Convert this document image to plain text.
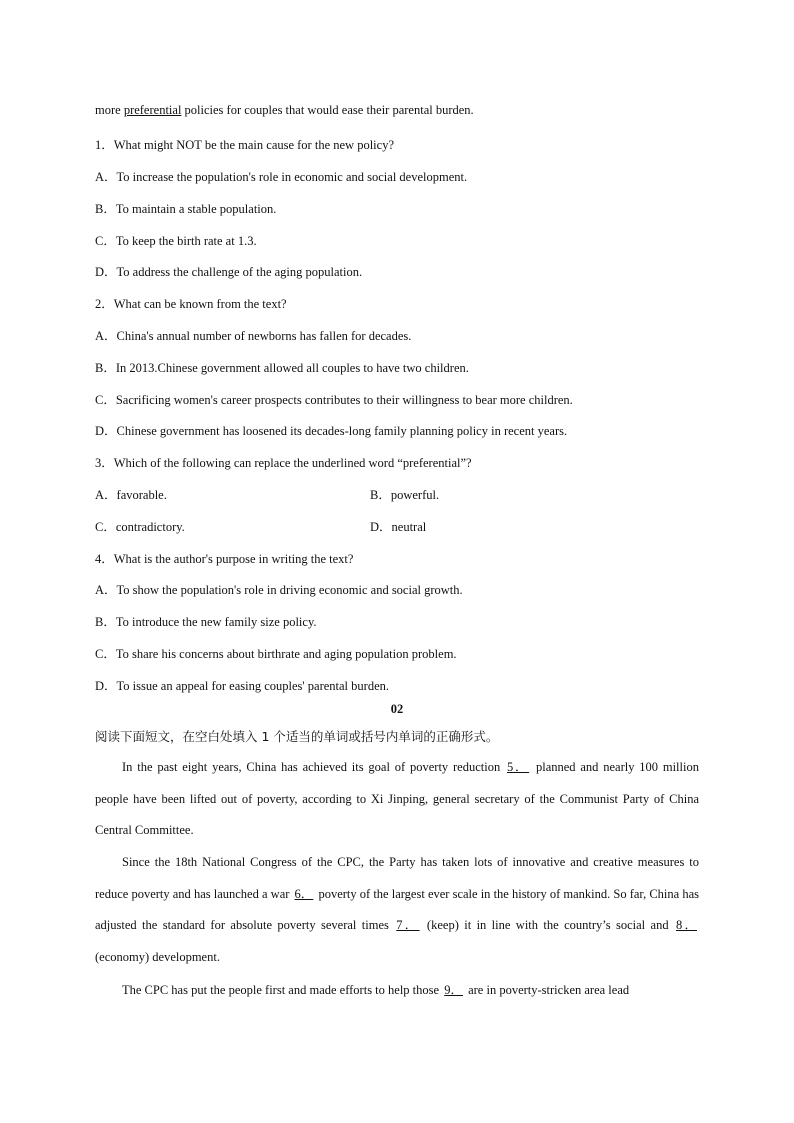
more preferential policies for couples that would ease their parental burden.
1．What might NOT be the main cause for the new policy?
A．To increase the population's role in economic and social development.
B．To maintain a stable population.
C．To keep the birth rate at 1.3.
D．To address the challenge of the aging population.
2．What can be known from the text?
A．China's annual number of newborns has fallen for decades.
B．In 2013.Chinese government allowed all couples to have two children.
C．Sacrificing women's career prospects contributes to their willingness to bear more children.
D．Chinese government has loosened its decades-long family planning policy in recent years.
3．Which of the following can replace the underlined word “preferential”?
A．favorable.	B．powerful.
C．contradictory.	D．neutral
4．What is the author's purpose in writing the text?
A．To show the population's role in driving economic and social growth.
B．To introduce the new family size policy.
C．To share his concerns about birthrate and aging population problem.
D．To issue an appeal for easing couples' parental burden.
02
阅读下面短文，在空白处填入 1 个适当的单词或括号内单词的正确形式。
In the past eight years, China has achieved its goal of poverty reduction 5． planned and nearly 100 million people have been lifted out of poverty, according to Xi Jinping, general secretary of the Communist Party of China Central Committee.
Since the 18th National Congress of the CPC, the Party has taken lots of innovative and creative measures to reduce poverty and has launched a war 6． poverty of the largest ever scale in the history of mankind. So far, China has adjusted the standard for absolute poverty several times 7． (keep) it in line with the country’s social and 8． (economy) development.
The CPC has put the people first and made efforts to help those 9． are in poverty-stricken area lead
